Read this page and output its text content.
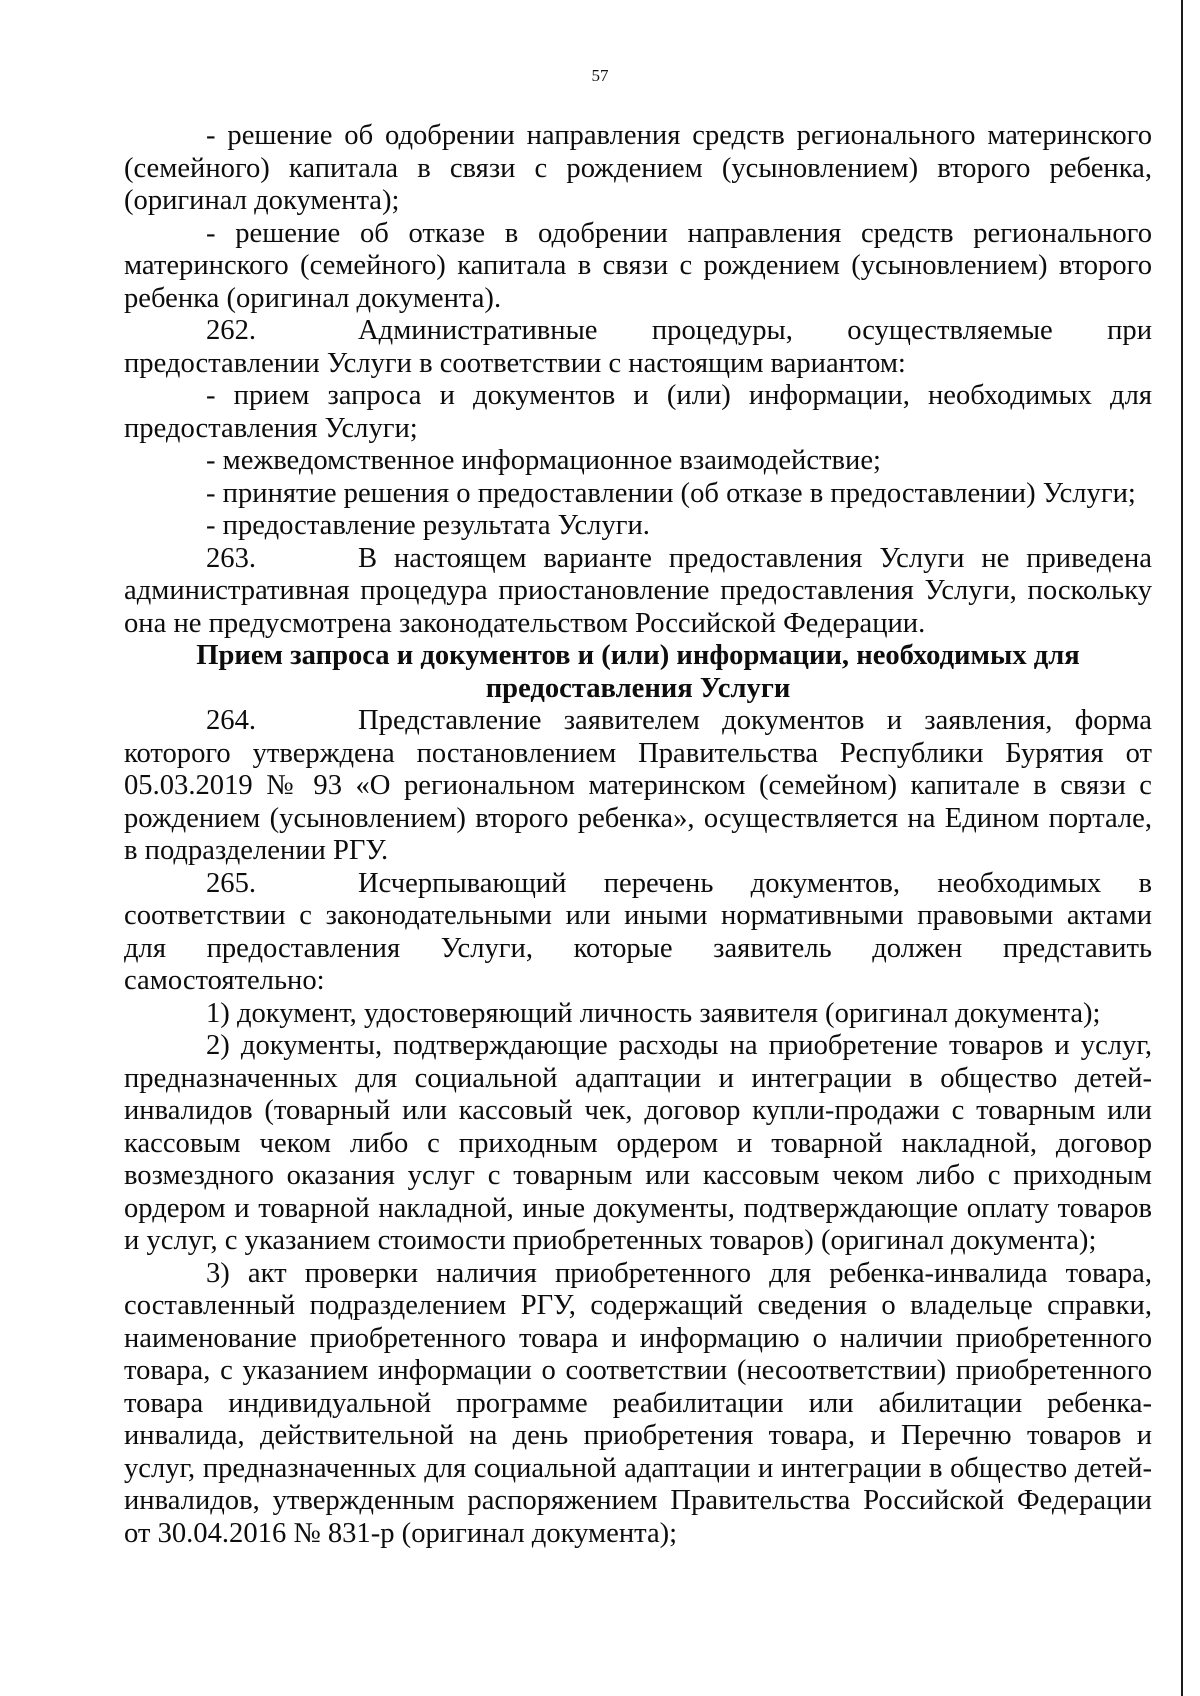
57

- решение об одобрении направления средств регионального материнского (семейного) капитала в связи с рождением (усыновлением) второго ребенка, (оригинал документа);

- решение об отказе в одобрении направления средств регионального материнского (семейного) капитала в связи с рождением (усыновлением) второго ребенка (оригинал документа).

262.	Административные процедуры, осуществляемые при предоставлении Услуги в соответствии с настоящим вариантом:

- прием запроса и документов и (или) информации, необходимых для предоставления Услуги;

- межведомственное информационное взаимодействие;

- принятие решения о предоставлении (об отказе в предоставлении) Услуги;

- предоставление результата Услуги.

263.	В настоящем варианте предоставления Услуги не приведена административная процедура приостановление предоставления Услуги, поскольку она не предусмотрена законодательством Российской Федерации.

Прием запроса и документов и (или) информации, необходимых для предоставления Услуги

264.	Представление заявителем документов и заявления, форма которого утверждена постановлением Правительства Республики Бурятия от 05.03.2019 № 93 «О региональном материнском (семейном) капитале в связи с рождением (усыновлением) второго ребенка», осуществляется на Едином портале, в подразделении РГУ.

265.	Исчерпывающий перечень документов, необходимых в соответствии с законодательными или иными нормативными правовыми актами для предоставления Услуги, которые заявитель должен представить самостоятельно:

1) документ, удостоверяющий личность заявителя (оригинал документа);

2) документы, подтверждающие расходы на приобретение товаров и услуг, предназначенных для социальной адаптации и интеграции в общество детей-инвалидов (товарный или кассовый чек, договор купли-продажи с товарным или кассовым чеком либо с приходным ордером и товарной накладной, договор возмездного оказания услуг с товарным или кассовым чеком либо с приходным ордером и товарной накладной, иные документы, подтверждающие оплату товаров и услуг, с указанием стоимости приобретенных товаров) (оригинал документа);

3) акт проверки наличия приобретенного для ребенка-инвалида товара, составленный подразделением РГУ, содержащий сведения о владельце справки, наименование приобретенного товара и информацию о наличии приобретенного товара, с указанием информации о соответствии (несоответствии) приобретенного товара индивидуальной программе реабилитации или абилитации ребенка-инвалида, действительной на день приобретения товара, и Перечню товаров и услуг, предназначенных для социальной адаптации и интеграции в общество детей-инвалидов, утвержденным распоряжением Правительства Российской Федерации от 30.04.2016 № 831-р (оригинал документа);
